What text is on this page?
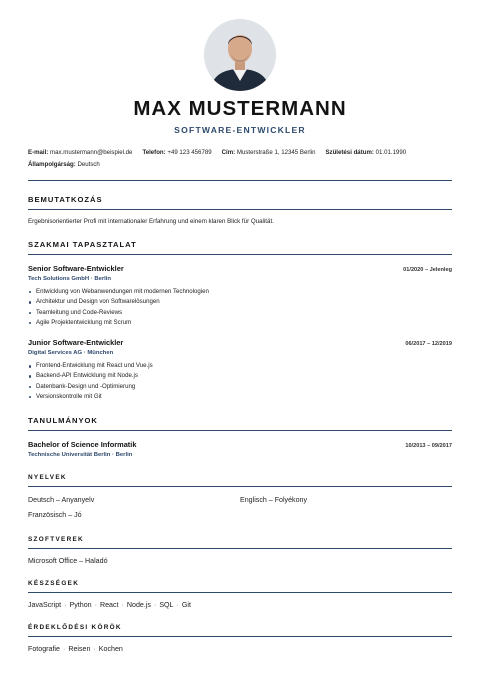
MAX MUSTERMANN
SOFTWARE-ENTWICKLER
E-mail: max.mustermann@beispiel.de Telefon: +49 123 456789 Cím: Musterstraße 1, 12345 Berlin Születési dátum: 01.01.1990
Állampolgárság: Deutsch
BEMUTATKOZÁS
Ergebnisorientierter Profi mit internationaler Erfahrung und einem klaren Blick für Qualität.
SZAKMAI TAPASZTALAT
Senior Software-Entwickler	01/2020 – Jelenleg
Tech Solutions GmbH · Berlin
Entwicklung von Webanwendungen mit modernen Technologien
Architektur und Design von Softwarelösungen
Teamleitung und Code-Reviews
Agile Projektentwicklung mit Scrum
Junior Software-Entwickler	06/2017 – 12/2019
Digital Services AG · München
Frontend-Entwicklung mit React und Vue.js
Backend-API Entwicklung mit Node.js
Datenbank-Design und -Optimierung
Versionskontrolle mit Git
TANULMÁNYOK
Bachelor of Science Informatik	10/2013 – 09/2017
Technische Universität Berlin · Berlin
NYELVEK
Deutsch – Anyanyelv	Englisch – Folyékony
Französisch – Jó
SZOFTVEREK
Microsoft Office – Haladó
KÉSZSÉGEK
JavaScript · Python · React · Node.js · SQL · Git
ÉRDEKLŐDÉSI KÖRÖK
Fotografie · Reisen · Kochen
